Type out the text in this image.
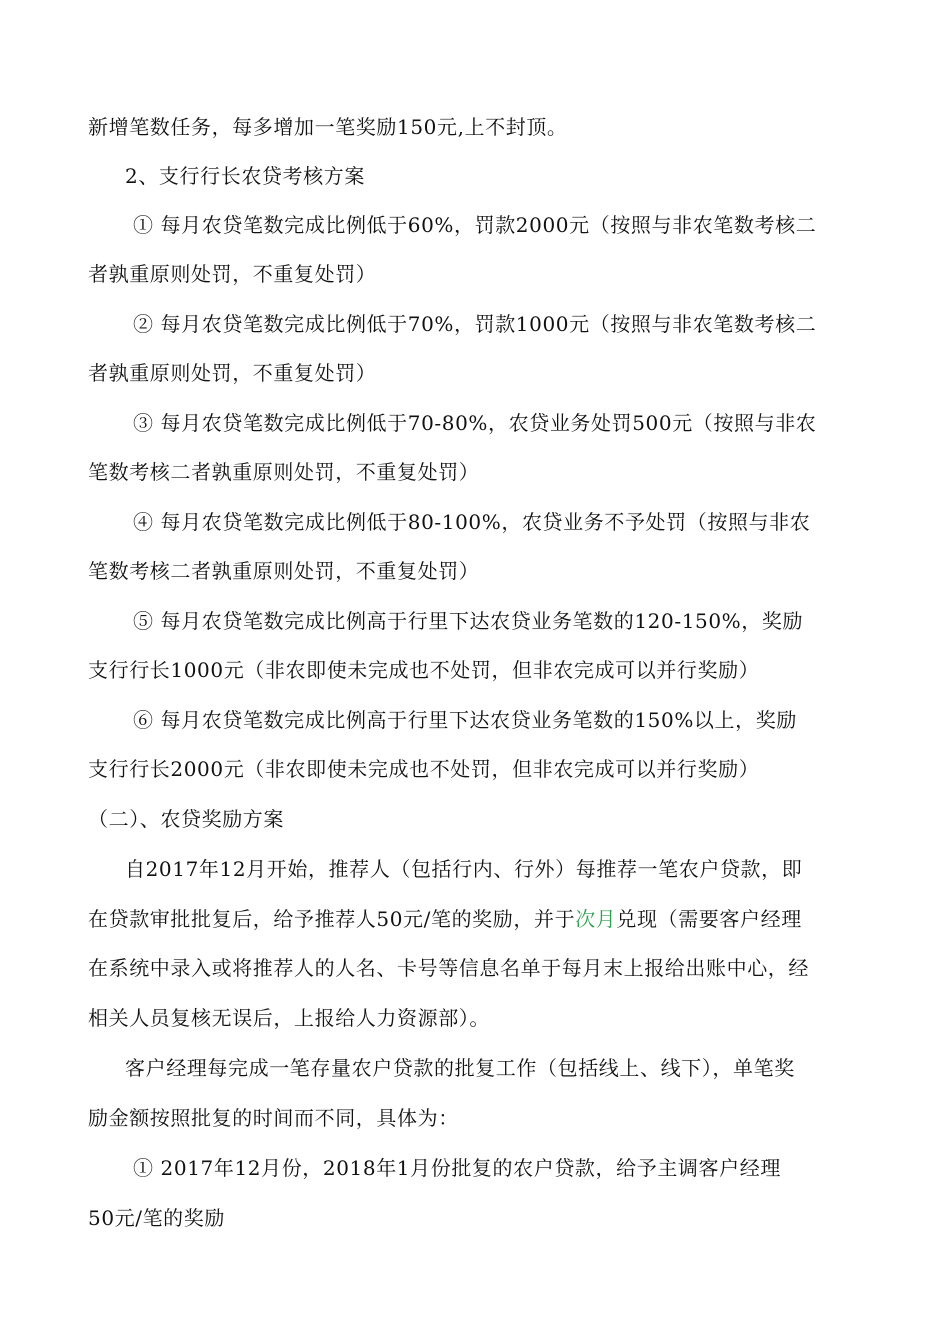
新增笔数任务，每多增加一笔奖励150元,上不封顶。
2、支行行长农贷考核方案
① 每月农贷笔数完成比例低于60%，罚款2000元（按照与非农笔数考核二
者孰重原则处罚，不重复处罚）
② 每月农贷笔数完成比例低于70%，罚款1000元（按照与非农笔数考核二
者孰重原则处罚，不重复处罚）
③ 每月农贷笔数完成比例低于70-80%，农贷业务处罚500元（按照与非农
笔数考核二者孰重原则处罚，不重复处罚）
④ 每月农贷笔数完成比例低于80-100%，农贷业务不予处罚（按照与非农
笔数考核二者孰重原则处罚，不重复处罚）
⑤ 每月农贷笔数完成比例高于行里下达农贷业务笔数的120-150%，奖励
支行行长1000元（非农即使未完成也不处罚，但非农完成可以并行奖励）
⑥ 每月农贷笔数完成比例高于行里下达农贷业务笔数的150%以上，奖励
支行行长2000元（非农即使未完成也不处罚，但非农完成可以并行奖励）
（二）、农贷奖励方案
自2017年12月开始，推荐人（包括行内、行外）每推荐一笔农户贷款，即
在贷款审批批复后，给予推荐人50元/笔的奖励，并于次月兑现（需要客户经理
在系统中录入或将推荐人的人名、卡号等信息名单于每月末上报给出账中心，经
相关人员复核无误后，上报给人力资源部）。
客户经理每完成一笔存量农户贷款的批复工作（包括线上、线下），单笔奖
励金额按照批复的时间而不同，具体为：
① 2017年12月份，2018年1月份批复的农户贷款，给予主调客户经理
50元/笔的奖励
